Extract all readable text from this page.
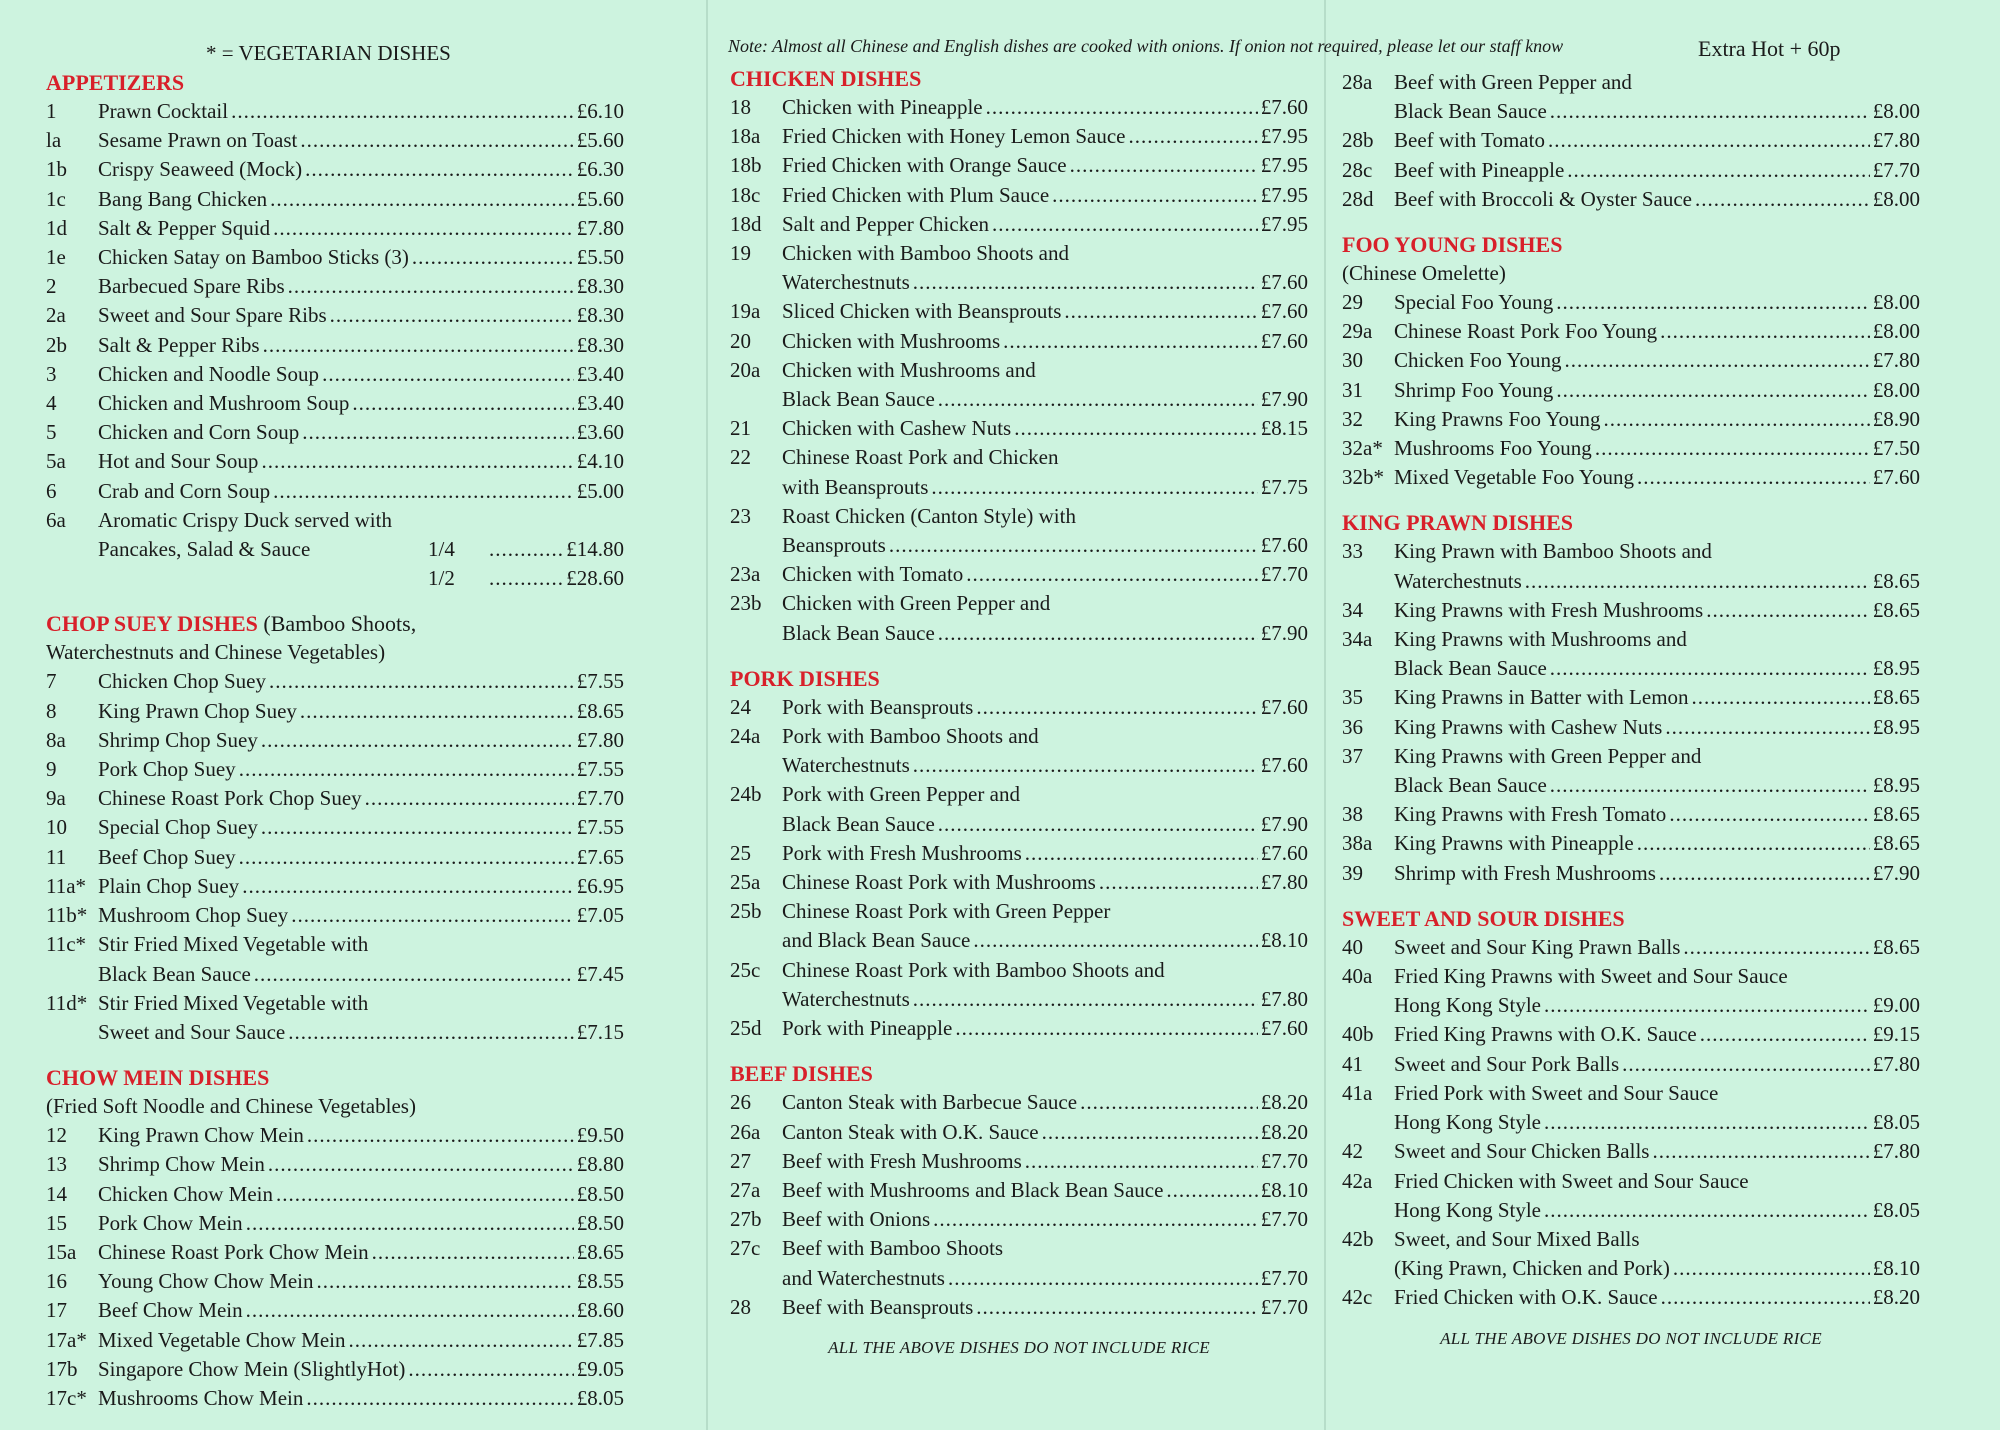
Note: Almost all Chinese and English dishes are cooked with onions. If onion not required, please let our staff know	Extra Hot + 60p
* = VEGETARIAN DISHES
APPETIZERS
1	Prawn Cocktail .....	£6.10
la	Sesame Prawn on Toast .....	£5.60
1b	Crispy Seaweed (Mock) .....	£6.30
1c	Bang Bang Chicken .....	£5.60
1d	Salt & Pepper Squid .....	£7.80
1e	Chicken Satay on Bamboo Sticks (3) .....	£5.50
2	Barbecued Spare Ribs .....	£8.30
2a	Sweet and Sour Spare Ribs .....	£8.30
2b	Salt & Pepper Ribs .....	£8.30
3	Chicken and Noodle Soup .....	£3.40
4	Chicken and Mushroom Soup .....	£3.40
5	Chicken and Corn Soup .....	£3.60
5a	Hot and Sour Soup .....	£4.10
6	Crab and Corn Soup .....	£5.00
6a	Aromatic Crispy Duck served with
Pancakes, Salad & Sauce	1/4 .....	£14.80
1/2 .....	£28.60
CHOP SUEY DISHES (Bamboo Shoots,
Waterchestnuts and Chinese Vegetables)
7	Chicken Chop Suey .....	£7.55
8	King Prawn Chop Suey .....	£8.65
8a	Shrimp Chop Suey .....	£7.80
9	Pork Chop Suey .....	£7.55
9a	Chinese Roast Pork Chop Suey .....	£7.70
10	Special Chop Suey .....	£7.55
11	Beef Chop Suey .....	£7.65
11a* Plain Chop Suey .....	£6.95
11b* Mushroom Chop Suey .....	£7.05
11c* Stir Fried Mixed Vegetable with
Black Bean Sauce .....	£7.45
11d* Stir Fried Mixed Vegetable with
Sweet and Sour Sauce .....	£7.15
CHOW MEIN DISHES
(Fried Soft Noodle and Chinese Vegetables)
12	King Prawn Chow Mein .....	£9.50
13	Shrimp Chow Mein .....	£8.80
14	Chicken Chow Mein .....	£8.50
15	Pork Chow Mein .....	£8.50
15a	Chinese Roast Pork Chow Mein .....	£8.65
16	Young Chow Chow Mein .....	£8.55
17	Beef Chow Mein .....	£8.60
17a* Mixed Vegetable Chow Mein .....	£7.85
17b Singapore Chow Mein (SlightlyHot) .....	£9.05
17c* Mushrooms Chow Mein .....	£8.05
CHICKEN DISHES
18	Chicken with Pineapple .....	£7.60
18a	Fried Chicken with Honey Lemon Sauce .....	£7.95
18b Fried Chicken with Orange Sauce .....	£7.95
18c	Fried Chicken with Plum Sauce .....	£7.95
18d Salt and Pepper Chicken .....	£7.95
19	Chicken with Bamboo Shoots and
Waterchestnuts .....	£7.60
19a	Sliced Chicken with Beansprouts .....	£7.60
20	Chicken with Mushrooms .....	£7.60
20a	Chicken with Mushrooms and
Black Bean Sauce .....	£7.90
21	Chicken with Cashew Nuts .....	£8.15
22	Chinese Roast Pork and Chicken
with Beansprouts .....	£7.75
23	Roast Chicken (Canton Style) with
Beansprouts .....	£7.60
23a	Chicken with Tomato .....	£7.70
23b Chicken with Green Pepper and
Black Bean Sauce .....	£7.90
PORK DISHES
24	Pork with Beansprouts .....	£7.60
24a	Pork with Bamboo Shoots and
Waterchestnuts .....	£7.60
24b Pork with Green Pepper and
Black Bean Sauce .....	£7.90
25	Pork with Fresh Mushrooms .....	£7.60
25a	Chinese Roast Pork with Mushrooms .....	£7.80
25b Chinese Roast Pork with Green Pepper
and Black Bean Sauce .....	£8.10
25c	Chinese Roast Pork with Bamboo Shoots and
Waterchestnuts .....	£7.80
25d Pork with Pineapple .....	£7.60
BEEF DISHES
26	Canton Steak with Barbecue Sauce .....	£8.20
26a	Canton Steak with O.K. Sauce .....	£8.20
27	Beef with Fresh Mushrooms .....	£7.70
27a	Beef with Mushrooms and Black Bean Sauce .....	£8.10
27b Beef with Onions .....	£7.70
27c	Beef with Bamboo Shoots
and Waterchestnuts .....	£7.70
28	Beef with Beansprouts .....	£7.70
ALL THE ABOVE DISHES DO NOT INCLUDE RICE
28a	Beef with Green Pepper and
Black Bean Sauce .....	£8.00
28b Beef with Tomato .....	£7.80
28c	Beef with Pineapple .....	£7.70
28d Beef with Broccoli & Oyster Sauce .....	£8.00
FOO YOUNG DISHES
(Chinese Omelette)
29	Special Foo Young .....	£8.00
29a	Chinese Roast Pork Foo Young .....	£8.00
30	Chicken Foo Young .....	£7.80
31	Shrimp Foo Young .....	£8.00
32	King Prawns Foo Young .....	£8.90
32a* Mushrooms Foo Young .....	£7.50
32b* Mixed Vegetable Foo Young .....	£7.60
KING PRAWN DISHES
33	King Prawn with Bamboo Shoots and
Waterchestnuts .....	£8.65
34	King Prawns with Fresh Mushrooms .....	£8.65
34a	King Prawns with Mushrooms and
Black Bean Sauce .....	£8.95
35	King Prawns in Batter with Lemon .....	£8.65
36	King Prawns with Cashew Nuts .....	£8.95
37	King Prawns with Green Pepper and
Black Bean Sauce .....	£8.95
38	King Prawns with Fresh Tomato .....	£8.65
38a	King Prawns with Pineapple .....	£8.65
39	Shrimp with Fresh Mushrooms .....	£7.90
SWEET AND SOUR DISHES
40	Sweet and Sour King Prawn Balls .....	£8.65
40a	Fried King Prawns with Sweet and Sour Sauce
Hong Kong Style .....	£9.00
40b Fried King Prawns with O.K. Sauce .....	£9.15
41	Sweet and Sour Pork Balls .....	£7.80
41a	Fried Pork with Sweet and Sour Sauce
Hong Kong Style .....	£8.05
42	Sweet and Sour Chicken Balls .....	£7.80
42a	Fried Chicken with Sweet and Sour Sauce
Hong Kong Style .....	£8.05
42b Sweet, and Sour Mixed Balls
(King Prawn, Chicken and Pork) .....	£8.10
42c	Fried Chicken with O.K. Sauce .....	£8.20
ALL THE ABOVE DISHES DO NOT INCLUDE RICE
